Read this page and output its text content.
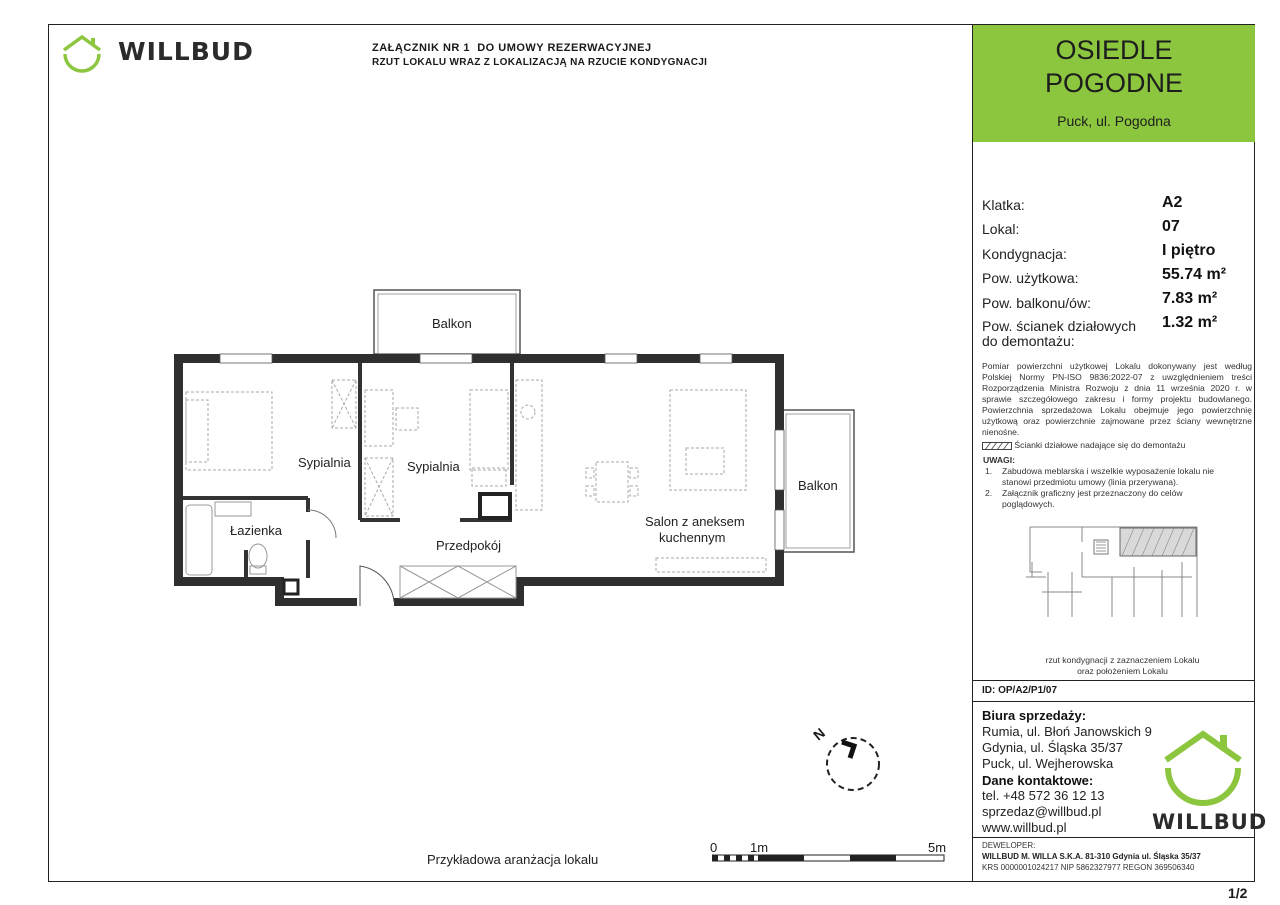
WILLBUD	ZAŁĄCZNIK NR 1 DO UMOWY REZERWACYJNEJ
RZUT LOKALU WRAZ Z LOKALIZACJĄ NA RZUCIE KONDYGNACJI	OSIEDLE
POGODNE
Puck, ul. Pogodna
Klatka:	A2
Lokal:	07
Kondygnacja:	I piętro
Pow. użytkowa:	55.74 m²
Pow. balkonu/ów:	7.83 m²
Pow. ścianek działowych
do demontażu:
1.32 m²
Pomiar powierzchni użytkowej Lokalu dokonywany jest według Polskiej Normy PN-ISO 9836:2022-07 z uwzględnieniem treści Rozporządzenia Ministra Rozwoju z dnia 11 września 2020 r. w sprawie szczegółowego zakresu i formy projektu budowlanego. Powierzchnia sprzedażowa Lokalu obejmuje jego powierzchnię użytkową oraz powierzchnie zajmowane przez ściany wewnętrzne nienośne.
Ścianki działowe nadające się do demontażu
UWAGI:
1. Zabudowa meblarska i wszelkie wyposażenie lokalu nie stanowi przedmiotu umowy (linia przerywana).
2. Załącznik graficzny jest przeznaczony do celów poglądowych.
rzut kondygnacji z zaznaczeniem Lokalu
oraz położeniem Lokalu
ID: OP/A2/P1/07
Biura sprzedaży:
Rumia, ul. Błoń Janowskich 9
Gdynia, ul. Śląska 35/37
Puck, ul. Wejherowska
Dane kontaktowe:
tel. +48 572 36 12 13
sprzedaz@willbud.pl
www.willbud.pl	WILLBUD
DEWELOPER:
WILLBUD M. WILLA S.K.A. 81-310 Gdynia ul. Śląska 35/37
KRS 0000001024217 NIP 5862327977 REGON 369506340
1/2
Balkon
Sypialnia	Sypialnia
Łazienka
Przedpokój
Salon z aneksem
kuchennym
Balkon
N
0	1m	5m
Przykładowa aranżacja lokalu
